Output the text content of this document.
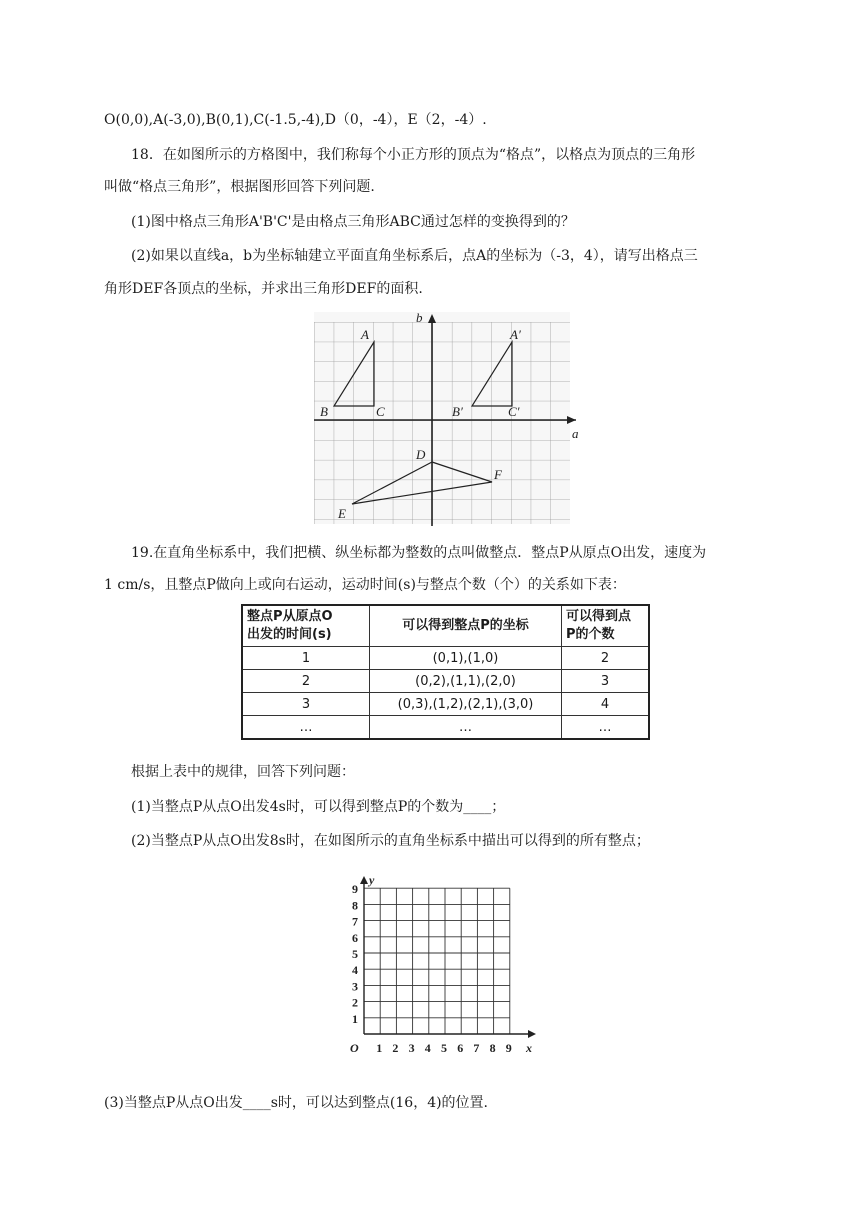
O(0,0),A(-3,0),B(0,1),C(-1.5,-4),D（0，-4），E（2，-4）.
18．在如图所示的方格图中，我们称每个小正方形的顶点为“格点”，以格点为顶点的三角形
叫做“格点三角形”，根据图形回答下列问题.
(1)图中格点三角形A'B'C'是由格点三角形ABC通过怎样的变换得到的？
(2)如果以直线a，b为坐标轴建立平面直角坐标系后，点A的坐标为（-3，4），请写出格点三
角形DEF各顶点的坐标，并求出三角形DEF的面积.
b
a
A
B	C
A′
B′	C′
D
F
E
19.在直角坐标系中，我们把横、纵坐标都为整数的点叫做整点．整点P从原点O出发，速度为
1 cm/s，且整点P做向上或向右运动，运动时间(s)与整点个数（个）的关系如下表：
整点P从原点O
出发的时间(s)	可以得到整点P的坐标	可以得到点
P的个数
1	(0,1),(1,0)	2
2	(0,2),(1,1),(2,0)	3
3	(0,3),(1,2),(2,1),(3,0)	4
…	…	…
根据上表中的规律，回答下列问题：
(1)当整点P从点O出发4s时，可以得到整点P的个数为____；
(2)当整点P从点O出发8s时，在如图所示的直角坐标系中描出可以得到的所有整点；
x
y
O 1 2 3 4 5 6 7 8 9
1
2
3
4
5
6
7
8
9
(3)当整点P从点O出发____s时，可以达到整点(16，4)的位置.
